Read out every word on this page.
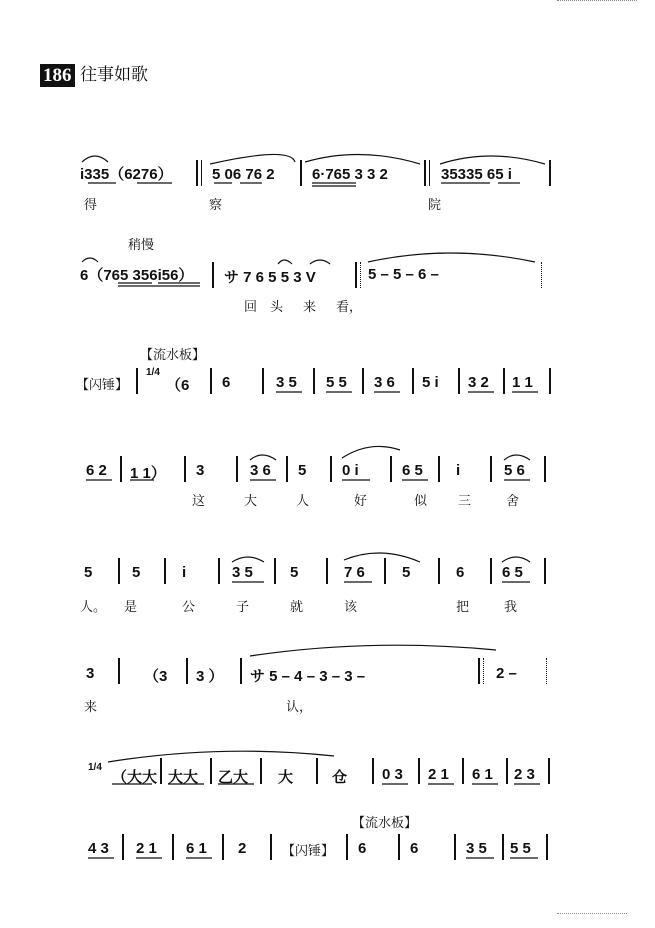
186 往事如歌
i335（6276）	5 06 76 2 6·765 3 3 2	35335 65 i
得	察	院
稍慢
6（765 356i56） サ 7 6 5 5 3 V	5 – 5 – 6 –
回 头 来 看，
【流水板】
【闪锤】
1/4
（6 6	3 5 5 5 3 6 5 i 3 2 1 1
6 2 1 1） 3	3 6 5 0 i	6 5 i	5 6
这	大	人	好	似 三	舍
5	5	i	3 5 5	7 6 5	6	6 5
人。 是	公	子	就	该	把	我
3	（3 3 ） サ 5 – 4 – 3 – 3 –	2 –
来	认，
1/4
（大大 大大 乙大 大	仓 0 3 2 1 6 1 2 3
【流水板】
4 3 2 1 6 1 2	【闪锤】 6	6	3 5 5 5
